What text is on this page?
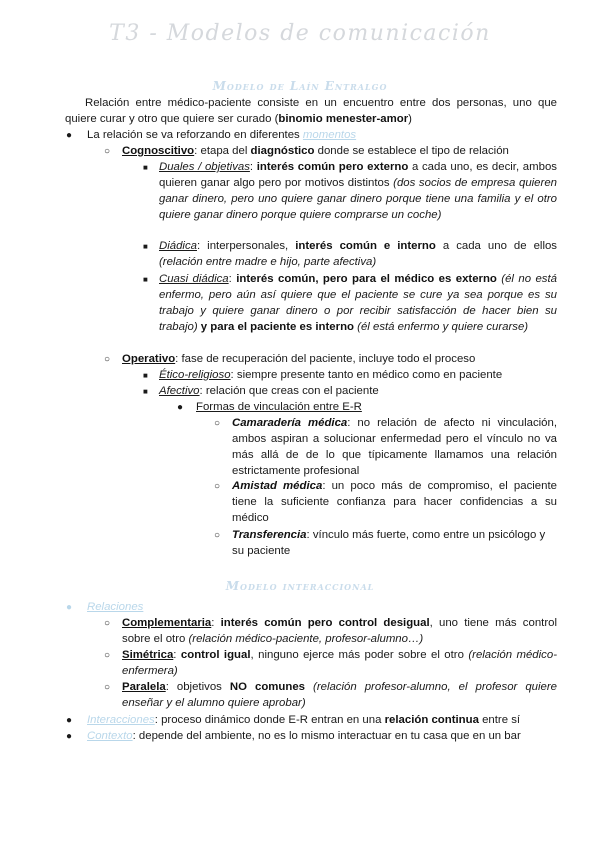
T3 - Modelos de comunicación
Modelo de Laín Entralgo
Relación entre médico-paciente consiste en un encuentro entre dos personas, uno que quiere curar y otro que quiere ser curado (binomio menester-amor)
● La relación se va reforzando en diferentes momentos
○ Cognoscitivo: etapa del diagnóstico donde se establece el tipo de relación
■ Duales / objetivas: interés común pero externo a cada uno, es decir, ambos quieren ganar algo pero por motivos distintos (dos socios de empresa quieren ganar dinero, pero uno quiere ganar dinero porque tiene una familia y el otro quiere ganar dinero porque quiere comprarse un coche)
■ Diádica: interpersonales, interés común e interno a cada uno de ellos (relación entre madre e hijo, parte afectiva)
■ Cuasi diádica: interés común, pero para el médico es externo (él no está enfermo, pero aún así quiere que el paciente se cure ya sea porque es su trabajo y quiere ganar dinero o por recibir satisfacción de hacer bien su trabajo) y para el paciente es interno (él está enfermo y quiere curarse)
○ Operativo: fase de recuperación del paciente, incluye todo el proceso
■ Ético-religioso: siempre presente tanto en médico como en paciente
■ Afectivo: relación que creas con el paciente
● Formas de vinculación entre E-R
○ Camaradería médica: no relación de afecto ni vinculación, ambos aspiran a solucionar enfermedad pero el vínculo no va más allá de de lo que típicamente llamamos una relación estrictamente profesional
○ Amistad médica: un poco más de compromiso, el paciente tiene la suficiente confianza para hacer confidencias a su médico
○ Transferencia: vínculo más fuerte, como entre un psicólogo y su paciente
Modelo interaccional
● Relaciones
○ Complementaria: interés común pero control desigual, uno tiene más control sobre el otro (relación médico-paciente, profesor-alumno…)
○ Simétrica: control igual, ninguno ejerce más poder sobre el otro (relación médico-enfermera)
○ Paralela: objetivos NO comunes (relación profesor-alumno, el profesor quiere enseñar y el alumno quiere aprobar)
● Interacciones: proceso dinámico donde E-R entran en una relación continua entre sí
● Contexto: depende del ambiente, no es lo mismo interactuar en tu casa que en un bar
